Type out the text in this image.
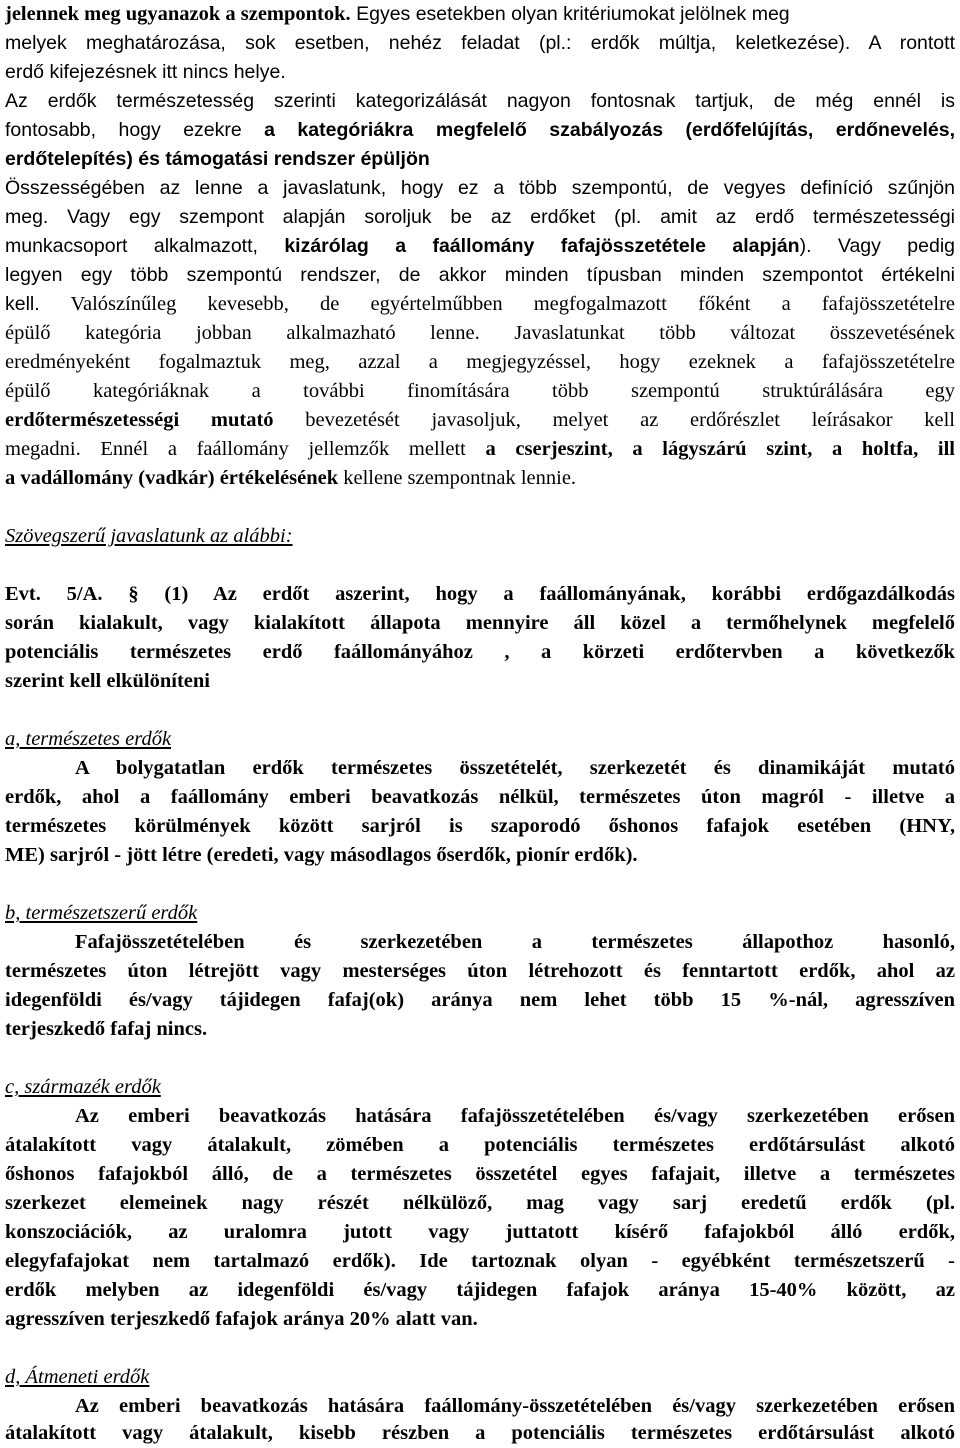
jelennek meg ugyanazok a szempontok. Egyes esetekben olyan kritériumokat jelölnek meg
melyek meghatározása, sok esetben, nehéz feladat (pl.: erdők múltja, keletkezése). A rontott
erdő kifejezésnek itt nincs helye.
Az erdők természetesség szerinti kategorizálását nagyon fontosnak tartjuk, de még ennél is
fontosabb, hogy ezekre a kategóriákra megfelelő szabályozás (erdőfelújítás, erdőnevelés,
erdőtelepítés) és támogatási rendszer épüljön
Összességében az lenne a javaslatunk, hogy ez a több szempontú, de vegyes definíció szűnjön
meg. Vagy egy szempont alapján soroljuk be az erdőket (pl. amit az erdő természetességi
munkacsoport alkalmazott, kizárólag a faállomány fafajösszetétele alapján). Vagy pedig
legyen egy több szempontú rendszer, de akkor minden típusban minden szempontot értékelni
kell. Valószínűleg kevesebb, de egyértelműbben megfogalmazott főként a fafajösszetételre
épülő kategória jobban alkalmazható lenne. Javaslatunkat több változat összevetésének
eredményeként fogalmaztuk meg, azzal a megjegyzéssel, hogy ezeknek a fafajösszetételre
épülő kategóriáknak a további finomítására több szempontú struktúrálására egy
erdőtermészetességi mutató bevezetését javasoljuk, melyet az erdőrészlet leírásakor kell
megadni. Ennél a faállomány jellemzők mellett a cserjeszint, a lágyszárú szint, a holtfa, ill
a vadállomány (vadkár) értékelésének kellene szempontnak lennie.
Szövegszerű javaslatunk az alábbi:
Evt. 5/A. § (1) Az erdőt aszerint, hogy a faállományának, korábbi erdőgazdálkodás
során kialakult, vagy kialakított állapota mennyire áll közel a termőhelynek megfelelő
potenciális természetes erdő faállományához , a körzeti erdőtervben a következők
szerint kell elkülöníteni
a, természetes erdők
A bolygatatlan erdők természetes összetételét, szerkezetét és dinamikáját mutató
erdők, ahol a faállomány emberi beavatkozás nélkül, természetes úton magról - illetve a
természetes körülmények között sarjról is szaporodó őshonos fafajok esetében (HNY,
ME) sarjról - jött létre (eredeti, vagy másodlagos őserdők, pionír erdők).
b, természetszerű erdők
Fafajösszetételében és szerkezetében a természetes állapothoz hasonló,
természetes úton létrejött vagy mesterséges úton létrehozott és fenntartott erdők, ahol az
idegenföldi és/vagy tájidegen fafaj(ok) aránya nem lehet több 15 %-nál, agresszíven
terjeszkedő fafaj nincs.
c, származék erdők
Az emberi beavatkozás hatására fafajösszetételében és/vagy szerkezetében erősen
átalakított vagy átalakult, zömében a potenciális természetes erdőtársulást alkotó
őshonos fafajokból álló, de a természetes összetétel egyes fafajait, illetve a természetes
szerkezet elemeinek nagy részét nélkülöző, mag vagy sarj eredetű erdők (pl.
konszociációk, az uralomra jutott vagy juttatott kísérő fafajokból álló erdők,
elegyfafajokat nem tartalmazó erdők). Ide tartoznak olyan - egyébként természetszerű -
erdők melyben az idegenföldi és/vagy tájidegen fafajok aránya 15-40% között, az
agresszíven terjeszkedő fafajok aránya 20% alatt van.
d, Átmeneti erdők
Az emberi beavatkozás hatására faállomány-összetételében és/vagy szerkezetében erősen
átalakított vagy átalakult, kisebb részben a potenciális természetes erdőtársulást alkotó
